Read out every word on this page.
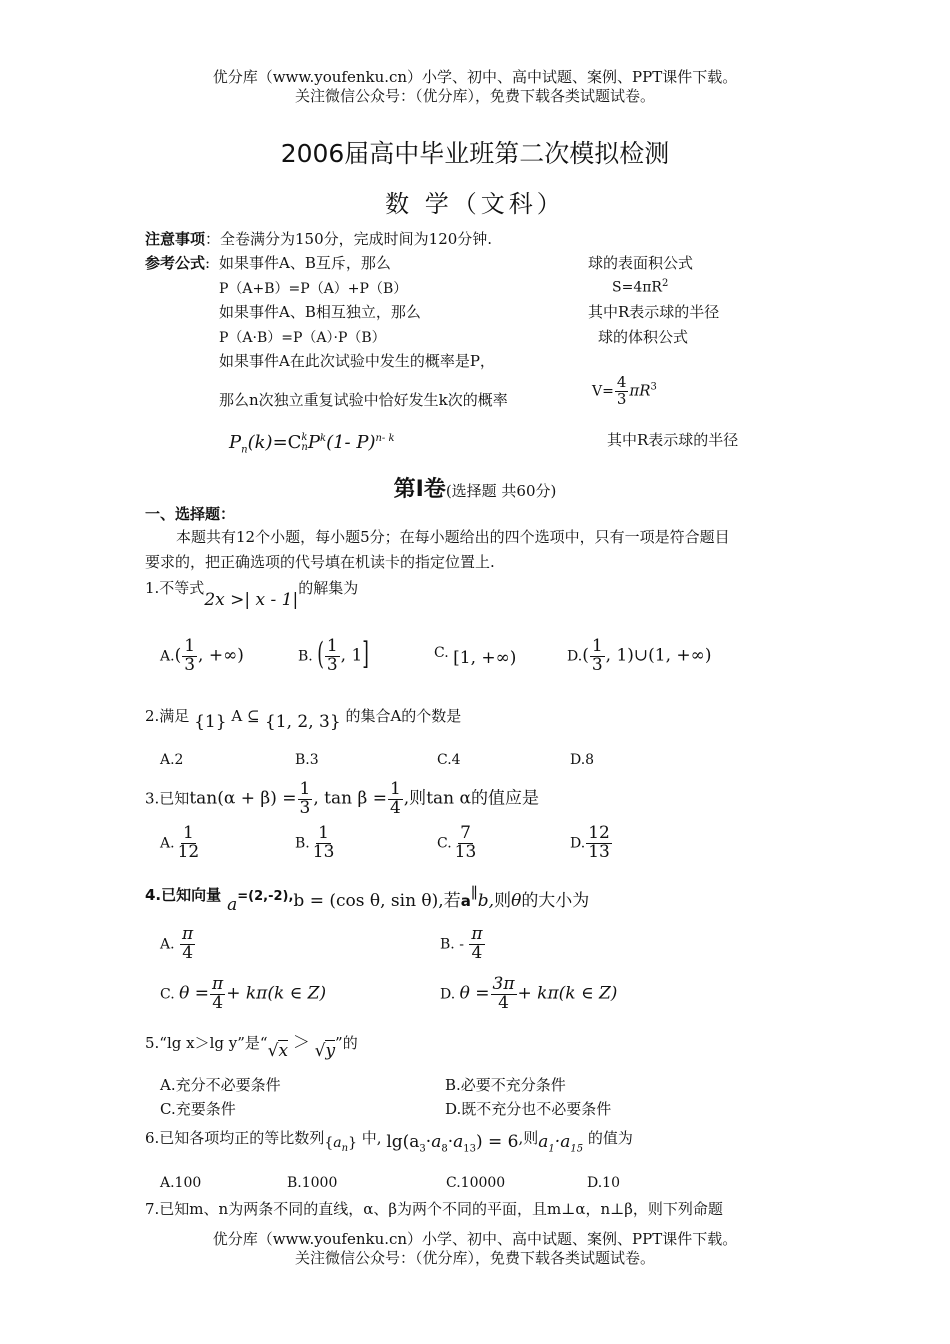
优分库（www.youfenku.cn）小学、初中、高中试题、案例、PPT课件下载。
关注微信公众号：（优分库），免费下载各类试题试卷。
2006届高中毕业班第二次模拟检测
数 学（文科）
注意事项：全卷满分为150分，完成时间为120分钟.
参考公式: 如果事件A、B互斥，那么
P（A+B）=P（A）+P（B）
如果事件A、B相互独立，那么
P（A·B）=P（A）·P（B）
如果事件A在此次试验中发生的概率是P，
那么n次独立重复试验中恰好发生k次的概率
$P_n(k)=C$ k
n $P^k(1-$ P)$^{n- k}$
球的表面积公式
$S=4\pi R^2$
其中R表示球的半径
球的体积公式
$V= \frac{4}{3} \pi R^3$
其中R表示球的半径
第Ⅰ卷(选择题 共60分)
一、选择题：
本题共有12个小题，每小题5分；在每小题给出的四个选项中，只有一项是符合题目
要求的，把正确选项的代号填在机读卡的指定位置上.
1.不等式2x >| x - 1|的解集为
$A.( \frac{1}{3}$ , +∞)	B. ( $\frac{1}{3}$ , 1]	C. [1, +∞)	$D.( \frac{1}{3}$ , 1)∪(1, +∞)
2.满足 {1} A ⊆ {1, 2, 3} 的集合A的个数是
A.2	B.3	C.4	D.8
3.已知$\tan(\alpha + \beta) = \frac{1}{3}$ , $\tan \beta = \frac{1}{4}$ ,则tan α的值应是
A. $\frac{1}{12}$	B. $\frac{1}{13}$	C. $\frac{7}{13}$	D. $\frac{12}{13}$
4.已知向量 a=(2,-2),b = (cos θ, sin θ),若a∥b,则θ的大小为
A. $\frac{\pi}{4}$	B. - $\frac{\pi}{4}$
C. $\theta = \frac{\pi}{4} + k\pi(k$ ∈ Z)	D. $\theta = \frac{3\pi}{4} + k\pi(k$ ∈ Z)
5.“lg x＞lg y”是“√x ＞ √y”的
A.充分不必要条件	B.必要不充分条件
C.充要条件	D.既不充分也不必要条件
6.已知各项均正的等比数列$\{a_n\}$ 中, $\lg(a_3\cdot a_8\cdot a_{13}) = 6$,则$a_1\cdot a_{15}$ 的值为
A.100	B.1000	C.10000	D.10
7.已知m、n为两条不同的直线，α、β为两个不同的平面，且m⊥α，n⊥β，则下列命题
优分库（www.youfenku.cn）小学、初中、高中试题、案例、PPT课件下载。
关注微信公众号：（优分库），免费下载各类试题试卷。
